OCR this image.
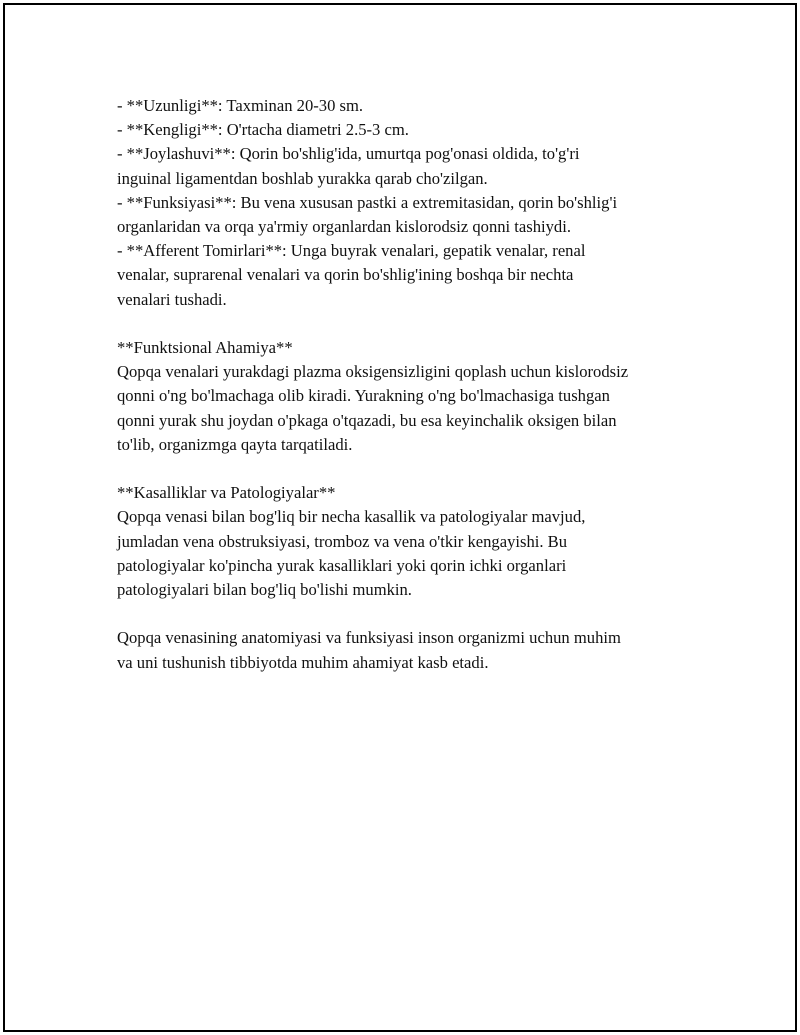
- **Uzunligi**: Taxminan 20-30 sm.
- **Kengligi**: O'rtacha diametri 2.5-3 cm.
- **Joylashuvi**: Qorin bo'shlig'ida, umurtqa pog'onasi oldida, to'g'ri
inguinal ligamentdan boshlab yurakka qarab cho'zilgan.
- **Funksiyasi**: Bu vena xususan pastki a extremitasidan, qorin bo'shlig'i
organlaridan va orqa ya'rmiy organlardan kislorodsiz qonni tashiydi.
- **Afferent Tomirlari**: Unga buyrak venalari, gepatik venalar, renal
venalar, suprarenal venalari va qorin bo'shlig'ining boshqa bir nechta
venalari tushadi.
**Funktsional Ahamiya**
Qopqa venalari yurakdagi plazma oksigensizligini qoplash uchun kislorodsiz
qonni o'ng bo'lmachaga olib kiradi. Yurakning o'ng bo'lmachasiga tushgan
qonni yurak shu joydan o'pkaga o'tqazadi, bu esa keyinchalik oksigen bilan
to'lib, organizmga qayta tarqatiladi.
**Kasalliklar va Patologiyalar**
Qopqa venasi bilan bog'liq bir necha kasallik va patologiyalar mavjud,
jumladan vena obstruksiyasi, tromboz va vena o'tkir kengayishi. Bu
patologiyalar ko'pincha yurak kasalliklari yoki qorin ichki organlari
patologiyalari bilan bog'liq bo'lishi mumkin.
Qopqa venasining anatomiyasi va funksiyasi inson organizmi uchun muhim
va uni tushunish tibbiyotda muhim ahamiyat kasb etadi.
